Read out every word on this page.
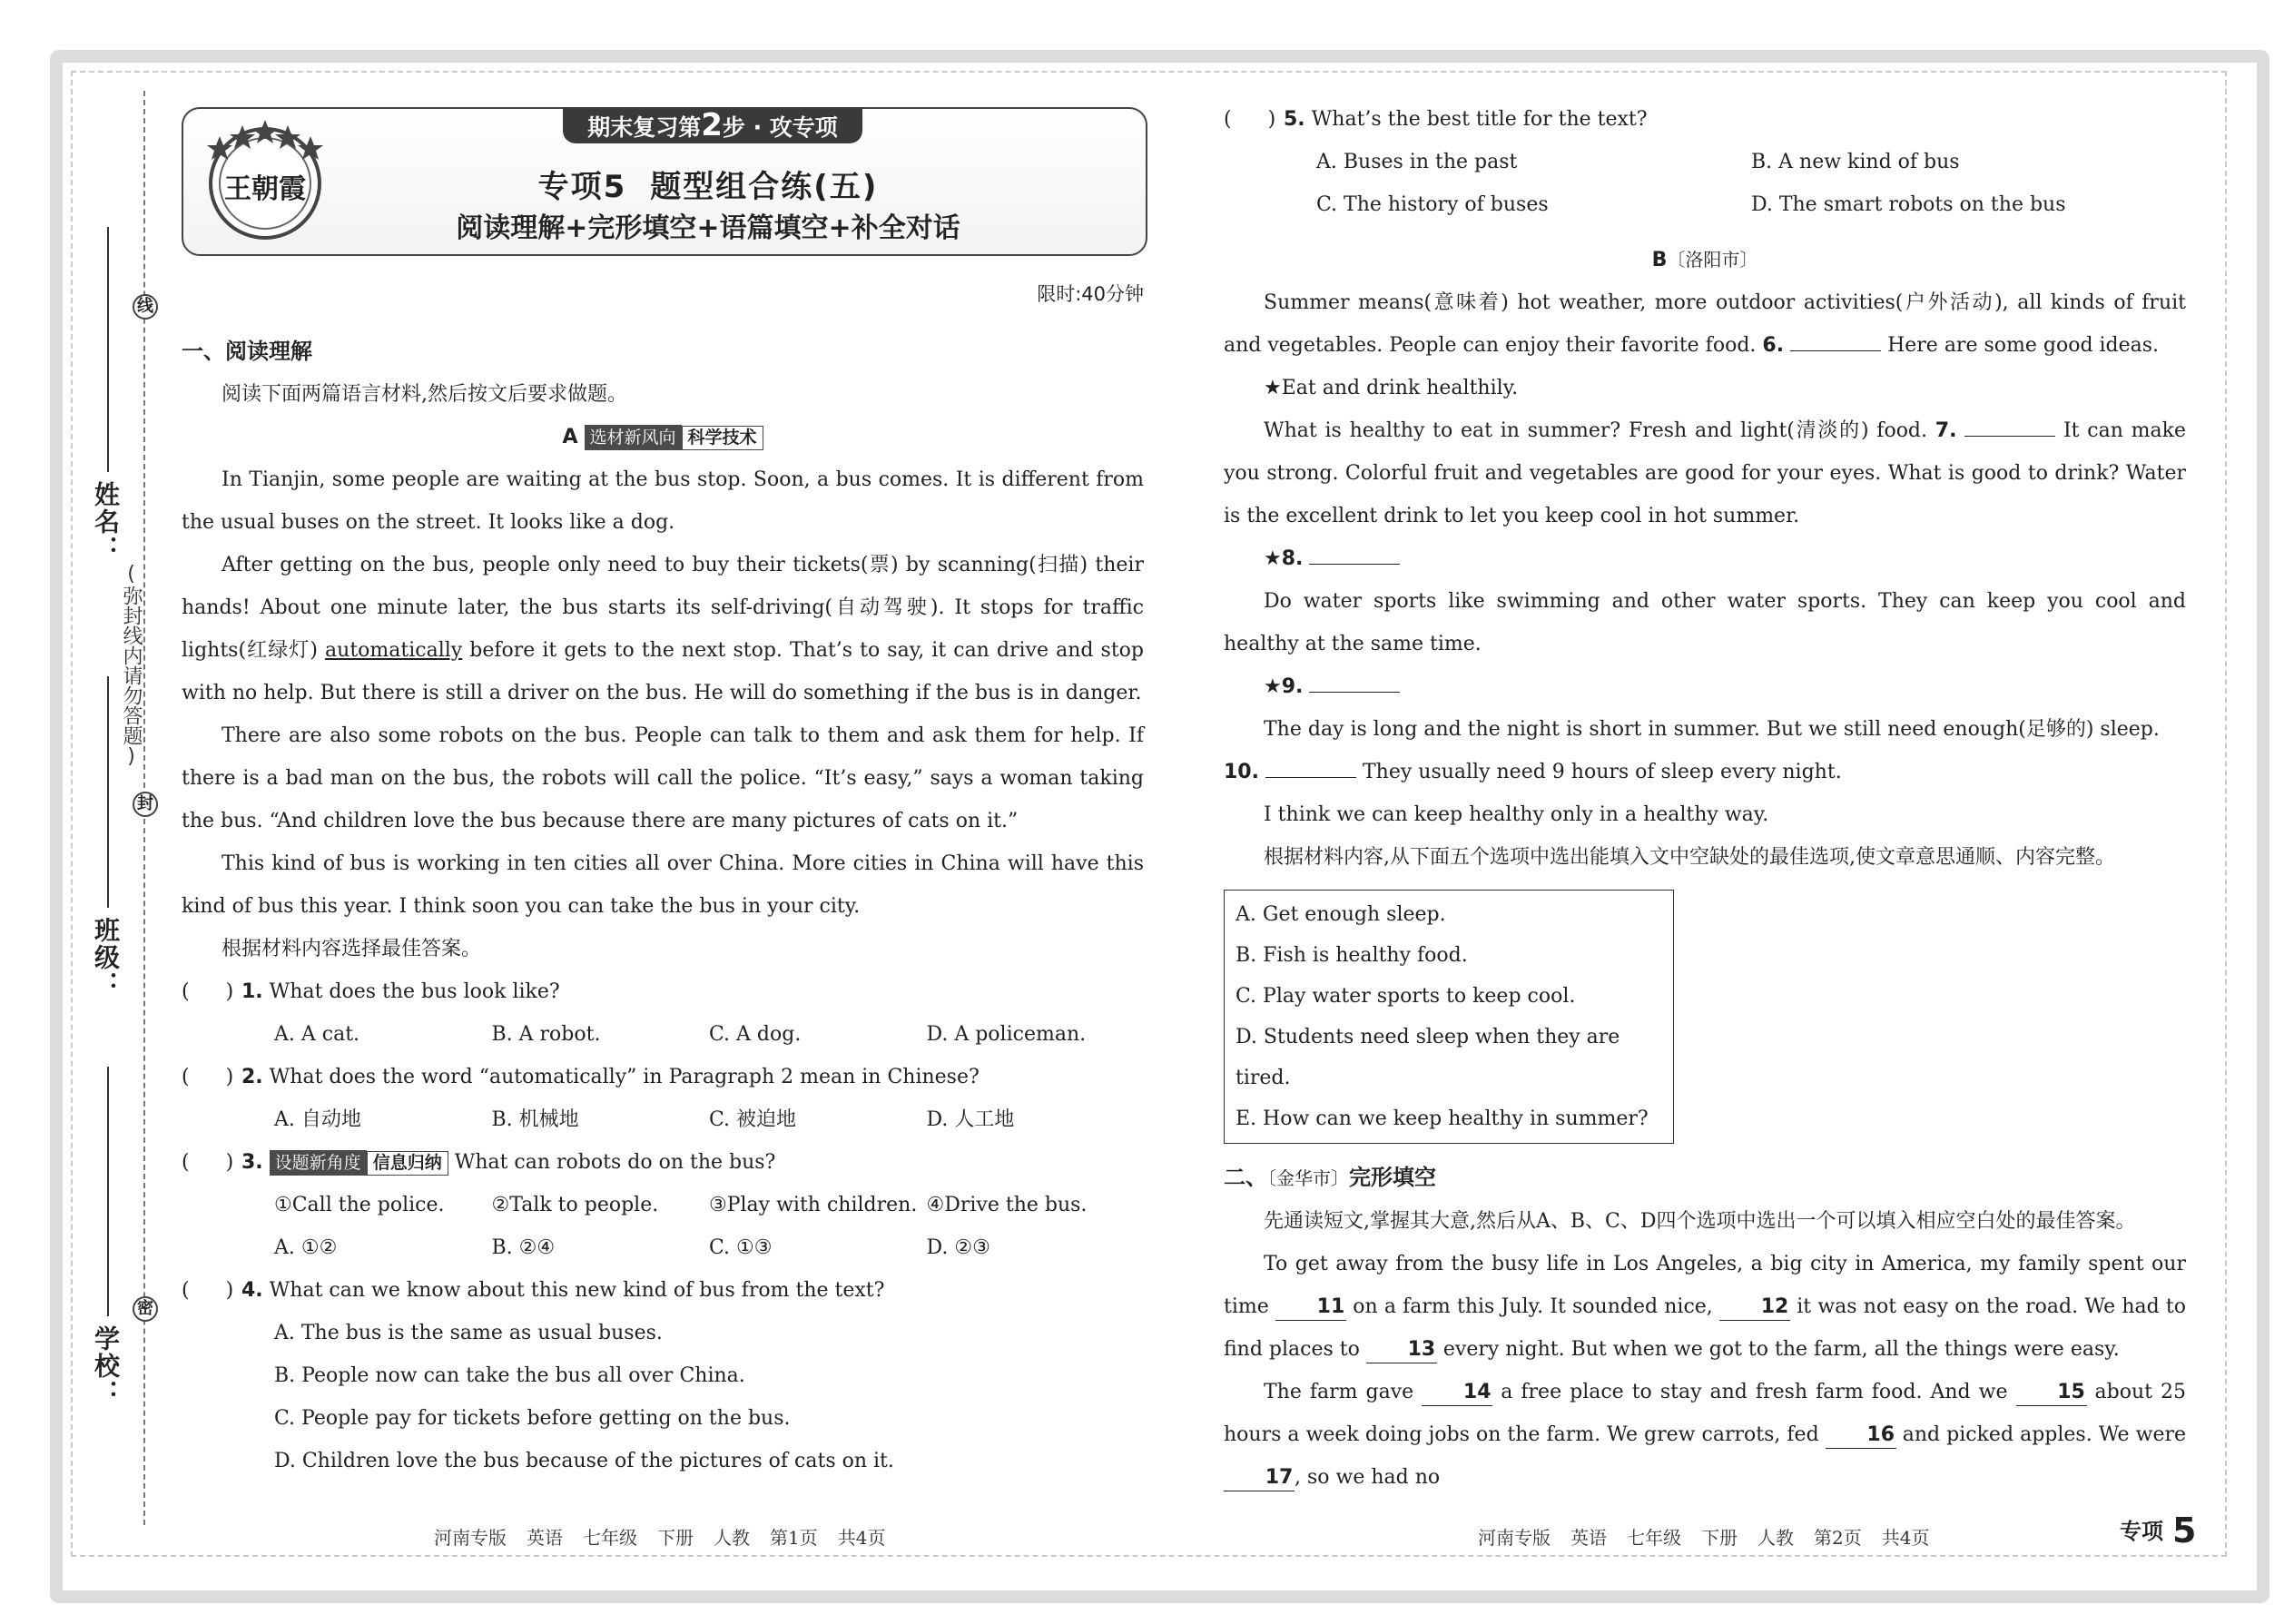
线
封
密
(弥封线内请勿答题)
姓名：
班级：
学校：
王朝霞
期末复习第2步 · 攻专项
专项5 题型组合练(五)
阅读理解+完形填空+语篇填空+补全对话
限时:40分钟

一、阅读理解

阅读下面两篇语言材料,然后按文后要求做题。

A 选材新风向 科学技术

In Tianjin, some people are waiting at the bus stop. Soon, a bus comes. It is different from the usual buses on the street. It looks like a dog.

After getting on the bus, people only need to buy their tickets(票) by scanning(扫描) their hands! About one minute later, the bus starts its self-driving(自动驾驶). It stops for traffic lights(红绿灯) automatically before it gets to the next stop. That’s to say, it can drive and stop with no help. But there is still a driver on the bus. He will do something if the bus is in danger.

There are also some robots on the bus. People can talk to them and ask them for help. If there is a bad man on the bus, the robots will call the police. “It’s easy,” says a woman taking the bus. “And children love the bus because there are many pictures of cats on it.”

This kind of bus is working in ten cities all over China. More cities in China will have this kind of bus this year. I think soon you can take the bus in your city.

根据材料内容选择最佳答案。

( ) 1. What does the bus look like?

A. A cat.	B. A robot.	C. A dog.	D. A policeman.

( ) 2. What does the word “automatically” in Paragraph 2 mean in Chinese?

A. 自动地	B. 机械地	C. 被迫地	D. 人工地

( ) 3. 设题新角度 信息归纳 What can robots do on the bus?

①Call the police.	②Talk to people.	③Play with children. ④Drive the bus.
A. ①②	B. ②④	C. ①③	D. ②③

( ) 4. What can we know about this new kind of bus from the text?

A. The bus is the same as usual buses.

B. People now can take the bus all over China.

C. People pay for tickets before getting on the bus.

D. Children love the bus because of the pictures of cats on it.

河南专版 英语 七年级 下册 人教 第1页 共4页

( ) 5. What’s the best title for the text?

A. Buses in the past	B. A new kind of bus
C. The history of buses	D. The smart robots on the bus

B〔洛阳市〕

Summer means(意味着) hot weather, more outdoor activities(户外活动), all kinds of fruit and vegetables. People can enjoy their favorite food. 6.	Here are some good ideas.

★Eat and drink healthily.

What is healthy to eat in summer? Fresh and light(清淡的) food. 7.	It can make you strong. Colorful fruit and vegetables are good for your eyes. What is good to drink? Water is the excellent drink to let you keep cool in hot summer.

★8.

Do water sports like swimming and other water sports. They can keep you cool and healthy at the same time.

★9.

The day is long and the night is short in summer. But we still need enough(足够的) sleep.

10.	They usually need 9 hours of sleep every night.

I think we can keep healthy only in a healthy way.

根据材料内容,从下面五个选项中选出能填入文中空缺处的最佳选项,使文章意思通顺、内容完整。

A. Get enough sleep.
B. Fish is healthy food.
C. Play water sports to keep cool.
D. Students need sleep when they are tired.
E. How can we keep healthy in summer?

二、〔金华市〕完形填空

先通读短文,掌握其大意,然后从A、B、C、D四个选项中选出一个可以填入相应空白处的最佳答案。

To get away from the busy life in Los Angeles, a big city in America, my family spent our time 11 on a farm this July. It sounded nice, 12 it was not easy on the road. We had to find places to 13 every night. But when we got to the farm, all the things were easy.

The farm gave 14 a free place to stay and fresh farm food. And we 15 about 25 hours a week doing jobs on the farm. We grew carrots, fed 16 and picked apples. We were 17, so we had no

河南专版 英语 七年级 下册 人教 第2页 共4页	专项 5
